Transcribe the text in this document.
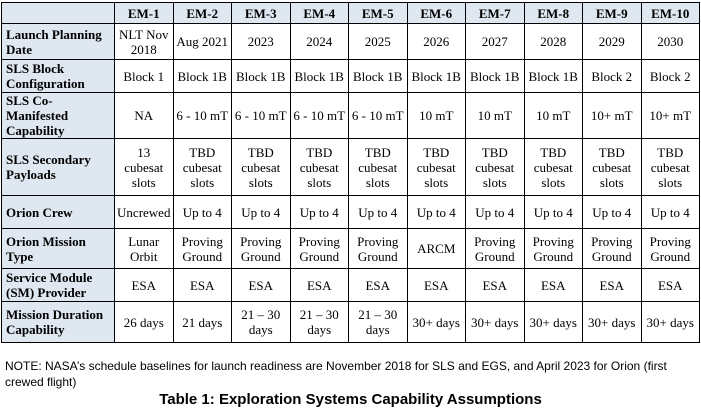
	EM-1	EM-2	EM-3	EM-4	EM-5	EM-6	EM-7	EM-8	EM-9	EM-10
Launch Planning Date	NLT Nov 2018	Aug 2021	2023	2024	2025	2026	2027	2028	2029	2030
SLS Block Configuration	Block 1	Block 1B	Block 1B	Block 1B	Block 1B	Block 1B	Block 1B	Block 1B	Block 2	Block 2
SLS Co-Manifested Capability	NA	6 - 10 mT	6 - 10 mT	6 - 10 mT	6 - 10 mT	10 mT	10 mT	10 mT	10+ mT	10+ mT
SLS Secondary Payloads	13 cubesat slots	TBD cubesat slots	TBD cubesat slots	TBD cubesat slots	TBD cubesat slots	TBD cubesat slots	TBD cubesat slots	TBD cubesat slots	TBD cubesat slots	TBD cubesat slots
Orion Crew	Uncrewed	Up to 4	Up to 4	Up to 4	Up to 4	Up to 4	Up to 4	Up to 4	Up to 4	Up to 4
Orion Mission Type	Lunar Orbit	Proving Ground	Proving Ground	Proving Ground	Proving Ground	ARCM	Proving Ground	Proving Ground	Proving Ground	Proving Ground
Service Module (SM) Provider	ESA	ESA	ESA	ESA	ESA	ESA	ESA	ESA	ESA	ESA
Mission Duration Capability	26 days	21 days	21 – 30 days	21 – 30 days	21 – 30 days	30+ days	30+ days	30+ days	30+ days	30+ days
NOTE: NASA’s schedule baselines for launch readiness are November 2018 for SLS and EGS, and April 2023 for Orion (first crewed flight)
Table 1: Exploration Systems Capability Assumptions
